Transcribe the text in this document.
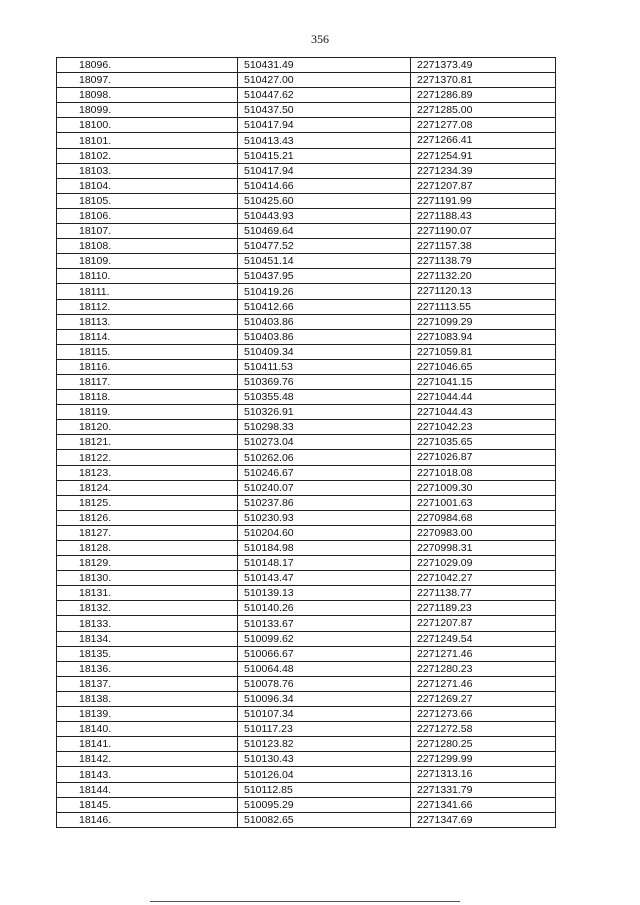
356
18096.	510431.49	2271373.49
18097.	510427.00	2271370.81
18098.	510447.62	2271286.89
18099.	510437.50	2271285.00
18100.	510417.94	2271277.08
18101.	510413.43	2271266.41
18102.	510415.21	2271254.91
18103.	510417.94	2271234.39
18104.	510414.66	2271207.87
18105.	510425.60	2271191.99
18106.	510443.93	2271188.43
18107.	510469.64	2271190.07
18108.	510477.52	2271157.38
18109.	510451.14	2271138.79
18110.	510437.95	2271132.20
18111.	510419.26	2271120.13
18112.	510412.66	2271113.55
18113.	510403.86	2271099.29
18114.	510403.86	2271083.94
18115.	510409.34	2271059.81
18116.	510411.53	2271046.65
18117.	510369.76	2271041.15
18118.	510355.48	2271044.44
18119.	510326.91	2271044.43
18120.	510298.33	2271042.23
18121.	510273.04	2271035.65
18122.	510262.06	2271026.87
18123.	510246.67	2271018.08
18124.	510240.07	2271009.30
18125.	510237.86	2271001.63
18126.	510230.93	2270984.68
18127.	510204.60	2270983.00
18128.	510184.98	2270998.31
18129.	510148.17	2271029.09
18130.	510143.47	2271042.27
18131.	510139.13	2271138.77
18132.	510140.26	2271189.23
18133.	510133.67	2271207.87
18134.	510099.62	2271249.54
18135.	510066.67	2271271.46
18136.	510064.48	2271280.23
18137.	510078.76	2271271.46
18138.	510096.34	2271269.27
18139.	510107.34	2271273.66
18140.	510117.23	2271272.58
18141.	510123.82	2271280.25
18142.	510130.43	2271299.99
18143.	510126.04	2271313.16
18144.	510112.85	2271331.79
18145.	510095.29	2271341.66
18146.	510082.65	2271347.69
